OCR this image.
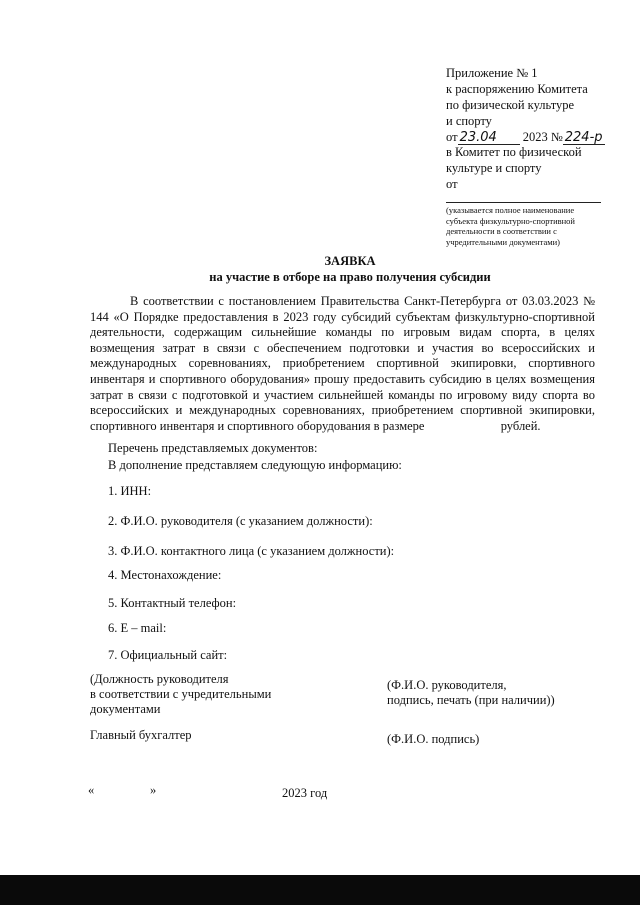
Приложение № 1
к распоряжению Комитета
по физической культуре
и спорту
от 23.04 2023 № 224-р
в Комитет по физической
культуре и спорту
от
(указывается полное наименование
субъекта физкультурно-спортивной
деятельности в соответствии с
учредительными документами)
ЗАЯВКА
на участие в отборе на право получения субсидии
В соответствии с постановлением Правительства Санкт-Петербурга от 03.03.2023 № 144 «О Порядке предоставления в 2023 году субсидий субъектам физкультурно-спортивной деятельности, содержащим сильнейшие команды по игровым видам спорта, в целях возмещения затрат в связи с обеспечением подготовки и участия во всероссийских и международных соревнованиях, приобретением спортивной экипировки, спортивного инвентаря и спортивного оборудования» прошу предоставить субсидию в целях возмещения затрат в связи с подготовкой и участием сильнейшей команды по игровому виду спорта во всероссийских и международных соревнованиях, приобретением спортивной экипировки, спортивного инвентаря и спортивного оборудования в размере	рублей.
Перечень представляемых документов:
В дополнение представляем следующую информацию:
1. ИНН:
2. Ф.И.О. руководителя (с указанием должности):
3. Ф.И.О. контактного лица (с указанием должности):
4. Местонахождение:
5. Контактный телефон:
6. E – mail:
7. Официальный сайт:
(Должность руководителя
в соответствии с учредительными
документами
(Ф.И.О. руководителя,
подпись, печать (при наличии))
Главный бухгалтер	(Ф.И.О. подпись)
«	»	2023 год
